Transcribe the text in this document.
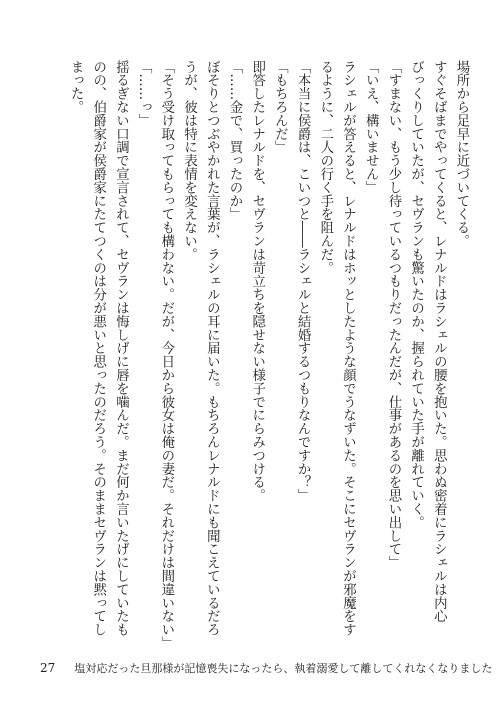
場所から足早に近づいてくる。
すぐそばまでやってくると、レナルドはラシェルの腰を抱いた。思わぬ密着にラシェルは内心
びっくりしていたが、セヴランも驚いたのか、握られていた手が離れていく。
「すまない、もう少し待っているつもりだったんだが、仕事があるのを思い出して」
「いえ、構いません」
ラシェルが答えると、レナルドはホッとしたような顔でうなずいた。そこにセヴランが邪魔をす
るように、二人の行く手を阻んだ。
「本当に侯爵は、こいつと――ラシェルと結婚するつもりなんですか？」
「もちろんだ」
即答したレナルドを、セヴランは苛立ちを隠せない様子でにらみつける。
「……金で、買ったのか」
ぼそりとつぶやかれた言葉が、ラシェルの耳に届いた。もちろんレナルドにも聞こえているだろ
うが、彼は特に表情を変えない。
「そう受け取ってもらっても構わない。だが、今日から彼女は俺の妻だ。それだけは間違いない」
「……っ」
揺るぎない口調で宣言されて、セヴランは悔しげに唇を噛んだ。まだ何か言いたげにしていたも
のの、伯爵家が侯爵家にたてつくのは分が悪いと思ったのだろう。そのままセヴランは黙ってし
まった。
27 塩対応だった旦那様が記憶喪失になったら、執着溺愛して離してくれなくなりました
